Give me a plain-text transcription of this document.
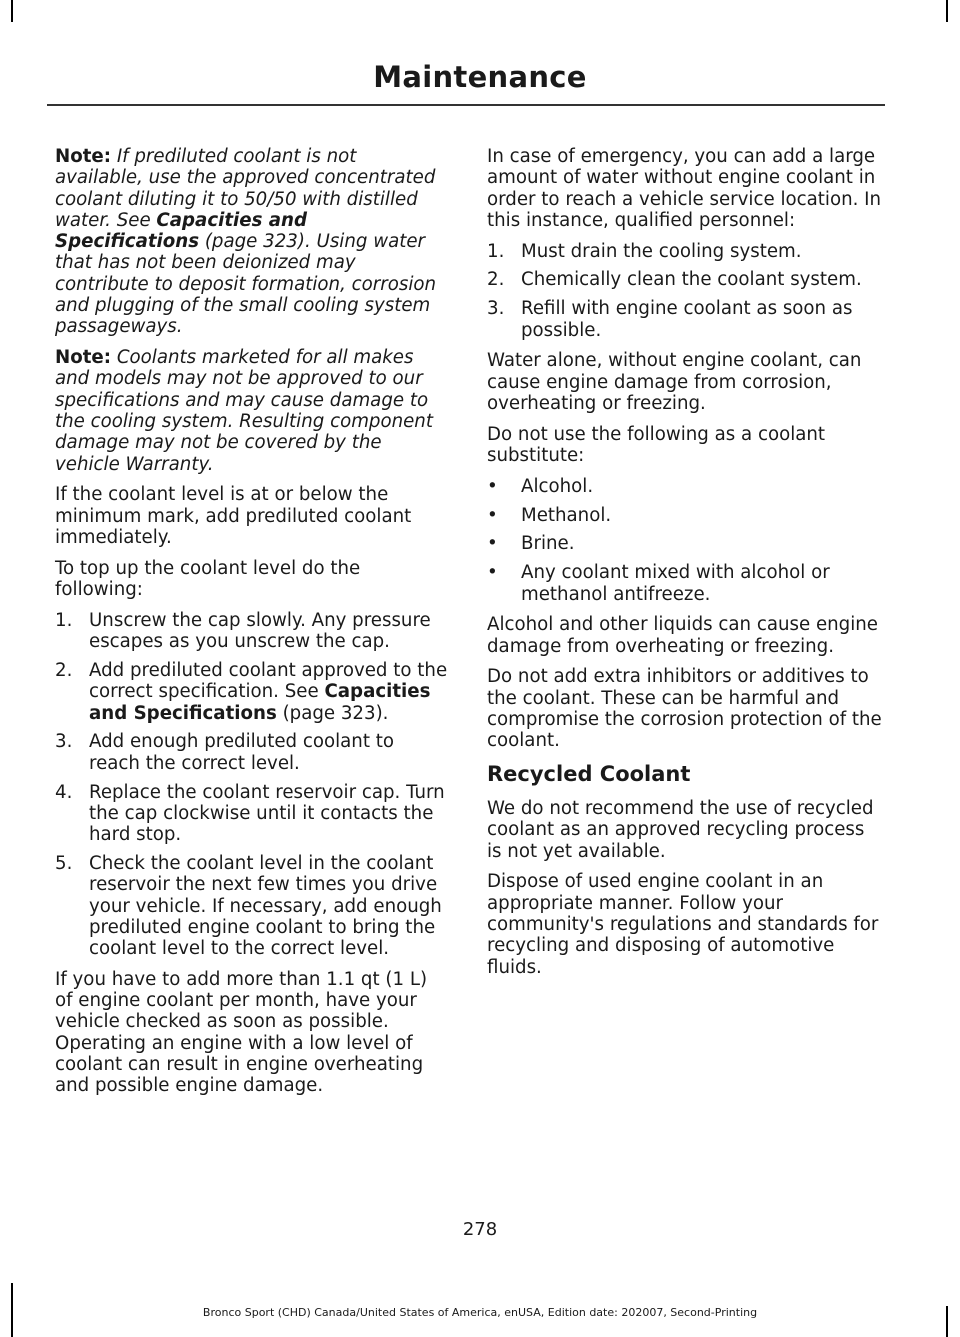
Maintenance

Note: If prediluted coolant is not available, use the approved concentrated coolant diluting it to 50/50 with distilled water. See Capacities and Specifications (page 323). Using water that has not been deionized may contribute to deposit formation, corrosion and plugging of the small cooling system passageways.

Note: Coolants marketed for all makes and models may not be approved to our specifications and may cause damage to the cooling system. Resulting component damage may not be covered by the vehicle Warranty.

If the coolant level is at or below the minimum mark, add prediluted coolant immediately.

To top up the coolant level do the following:

1. Unscrew the cap slowly. Any pressure escapes as you unscrew the cap.
2. Add prediluted coolant approved to the correct specification. See Capacities and Specifications (page 323).
3. Add enough prediluted coolant to reach the correct level.
4. Replace the coolant reservoir cap. Turn the cap clockwise until it contacts the hard stop.
5. Check the coolant level in the coolant reservoir the next few times you drive your vehicle. If necessary, add enough prediluted engine coolant to bring the coolant level to the correct level.

If you have to add more than 1.1 qt (1 L) of engine coolant per month, have your vehicle checked as soon as possible. Operating an engine with a low level of coolant can result in engine overheating and possible engine damage.

In case of emergency, you can add a large amount of water without engine coolant in order to reach a vehicle service location. In this instance, qualified personnel:

1. Must drain the cooling system.
2. Chemically clean the coolant system.
3. Refill with engine coolant as soon as possible.

Water alone, without engine coolant, can cause engine damage from corrosion, overheating or freezing.

Do not use the following as a coolant substitute:

• Alcohol.
• Methanol.
• Brine.
• Any coolant mixed with alcohol or methanol antifreeze.

Alcohol and other liquids can cause engine damage from overheating or freezing.

Do not add extra inhibitors or additives to the coolant. These can be harmful and compromise the corrosion protection of the coolant.

Recycled Coolant

We do not recommend the use of recycled coolant as an approved recycling process is not yet available.

Dispose of used engine coolant in an appropriate manner. Follow your community's regulations and standards for recycling and disposing of automotive fluids.

278
Bronco Sport (CHD) Canada/United States of America, enUSA, Edition date: 202007, Second-Printing
